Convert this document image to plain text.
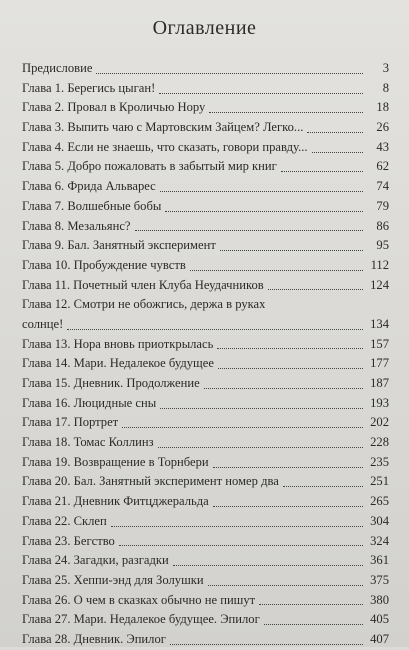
Оглавление
Предисловие	3
Глава 1. Берегись цыган!	8
Глава 2. Провал в Кроличью Нору	18
Глава 3. Выпить чаю с Мартовским Зайцем? Легко...	26
Глава 4. Если не знаешь, что сказать, говори правду...	43
Глава 5. Добро пожаловать в забытый мир книг	62
Глава 6. Фрида Альварес	74
Глава 7. Волшебные бобы	79
Глава 8. Мезальянс?	86
Глава 9. Бал. Занятный эксперимент	95
Глава 10. Пробуждение чувств	112
Глава 11. Почетный член Клуба Неудачников	124
Глава 12. Смотри не обожгись, держа в руках
солнце!	134
Глава 13. Нора вновь приоткрылась	157
Глава 14. Мари. Недалекое будущее	177
Глава 15. Дневник. Продолжение	187
Глава 16. Люцидные сны	193
Глава 17. Портрет	202
Глава 18. Томас Коллинз	228
Глава 19. Возвращение в Торнбери	235
Глава 20. Бал. Занятный эксперимент номер два	251
Глава 21. Дневник Фитцджеральда	265
Глава 22. Склеп	304
Глава 23. Бегство	324
Глава 24. Загадки, разгадки	361
Глава 25. Хеппи-энд для Золушки	375
Глава 26. О чем в сказках обычно не пишут	380
Глава 27. Мари. Недалекое будущее. Эпилог	405
Глава 28. Дневник. Эпилог	407
